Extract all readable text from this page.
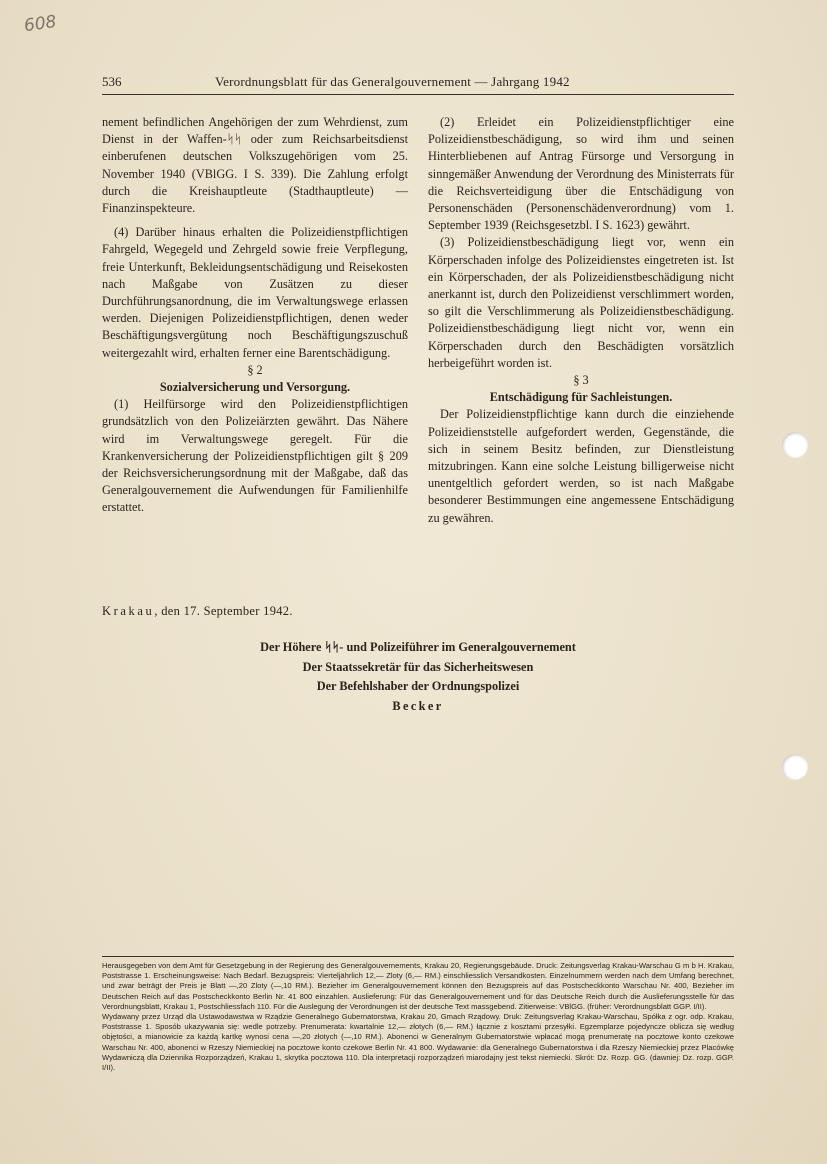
608
536	Verordnungsblatt für das Generalgouvernement — Jahrgang 1942

nement befindlichen Angehörigen der zum Wehrdienst, zum Dienst in der Waffen-ᛋᛋ oder zum Reichsarbeitsdienst einberufenen deutschen Volkszugehörigen vom 25. November 1940 (VBlGG. I S. 339). Die Zahlung erfolgt durch die Kreishauptleute (Stadthauptleute) — Finanzinspekteure.

(4) Darüber hinaus erhalten die Polizeidienstpflichtigen Fahrgeld, Wegegeld und Zehrgeld sowie freie Verpflegung, freie Unterkunft, Bekleidungsentschädigung und Reisekosten nach Maßgabe von Zusätzen zu dieser Durchführungsanordnung, die im Verwaltungswege erlassen werden. Diejenigen Polizeidienstpflichtigen, denen weder Beschäftigungsvergütung noch Beschäftigungszuschuß weitergezahlt wird, erhalten ferner eine Barentschädigung.

§ 2

Sozialversicherung und Versorgung.

(1) Heilfürsorge wird den Polizeidienstpflichtigen grundsätzlich von den Polizeiärzten gewährt. Das Nähere wird im Verwaltungswege geregelt. Für die Krankenversicherung der Polizeidienstpflichtigen gilt § 209 der Reichsversicherungsordnung mit der Maßgabe, daß das Generalgouvernement die Aufwendungen für Familienhilfe erstattet.

(2) Erleidet ein Polizeidienstpflichtiger eine Polizeidienstbeschädigung, so wird ihm und seinen Hinterbliebenen auf Antrag Fürsorge und Versorgung in sinngemäßer Anwendung der Verordnung des Ministerrats für die Reichsverteidigung über die Entschädigung von Personenschäden (Personenschädenverordnung) vom 1. September 1939 (Reichsgesetzbl. I S. 1623) gewährt.

(3) Polizeidienstbeschädigung liegt vor, wenn ein Körperschaden infolge des Polizeidienstes eingetreten ist. Ist ein Körperschaden, der als Polizeidienstbeschädigung nicht anerkannt ist, durch den Polizeidienst verschlimmert worden, so gilt die Verschlimmerung als Polizeidienstbeschädigung. Polizeidienstbeschädigung liegt nicht vor, wenn ein Körperschaden durch den Beschädigten vorsätzlich herbeigeführt worden ist.

§ 3

Entschädigung für Sachleistungen.

Der Polizeidienstpflichtige kann durch die einziehende Polizeidienststelle aufgefordert werden, Gegenstände, die sich in seinem Besitz befinden, zur Dienstleistung mitzubringen. Kann eine solche Leistung billigerweise nicht unentgeltlich gefordert werden, so ist nach Maßgabe besonderer Bestimmungen eine angemessene Entschädigung zu gewähren.

Krakau, den 17. September 1942.
Der Höhere ᛋᛋ- und Polizeiführer im Generalgouvernement
Der Staatssekretär für das Sicherheitswesen
Der Befehlshaber der Ordnungspolizei
Becker

Herausgegeben von dem Amt für Gesetzgebung in der Regierung des Generalgouvernements, Krakau 20, Regierungsgebäude. Druck: Zeitungsverlag Krakau-Warschau G m b H. Krakau, Poststrasse 1. Erscheinungsweise: Nach Bedarf. Bezugspreis: Vierteljährlich 12,— Zloty (6,— RM.) einschliesslich Versandkosten. Einzelnummern werden nach dem Umfang berechnet, und zwar beträgt der Preis je Blatt —,20 Zloty (—,10 RM.). Bezieher im Generalgouvernement können den Bezugspreis auf das Postscheckkonto Warschau Nr. 400, Bezieher im Deutschen Reich auf das Postscheckkonto Berlin Nr. 41 800 einzahlen. Auslieferung: Für das Generalgouvernement und für das Deutsche Reich durch die Auslieferungsstelle für das Verordnungsblatt, Krakau 1, Postschliessfach 110. Für die Auslegung der Verordnungen ist der deutsche Text massgebend. Zitierweise: VBlGG. (früher: Verordnungsblatt GGP. I/II).

Wydawany przez Urząd dla Ustawodawstwa w Rządzie Generalnego Gubernatorstwa, Krakau 20, Gmach Rządowy. Druk: Zeitungsverlag Krakau-Warschau, Spółka z ogr. odp. Krakau, Poststrasse 1. Sposób ukazywania się: wedle potrzeby. Prenumerata: kwartalnie 12,— złotych (6,— RM.) łącznie z kosztami przesyłki. Egzemplarze pojedyncze oblicza się według objętości, a mianowicie za każdą kartkę wynosi cena —,20 złotych (—,10 RM.). Abonenci w Generalnym Gubernatorstwie wpłacać mogą prenumeratę na pocztowe konto czekowe Warschau Nr. 400, abonenci w Rzeszy Niemieckiej na pocztowe konto czekowe Berlin Nr. 41 800. Wydawanie: dla Generalnego Gubernatorstwa i dla Rzeszy Niemieckiej przez Placówkę Wydawniczą dla Dziennika Rozporządzeń, Krakau 1, skrytka pocztowa 110. Dla interpretacji rozporządzeń miarodajny jest tekst niemiecki. Skrót: Dz. Rozp. GG. (dawniej: Dz. rozp. GGP. I/II).
